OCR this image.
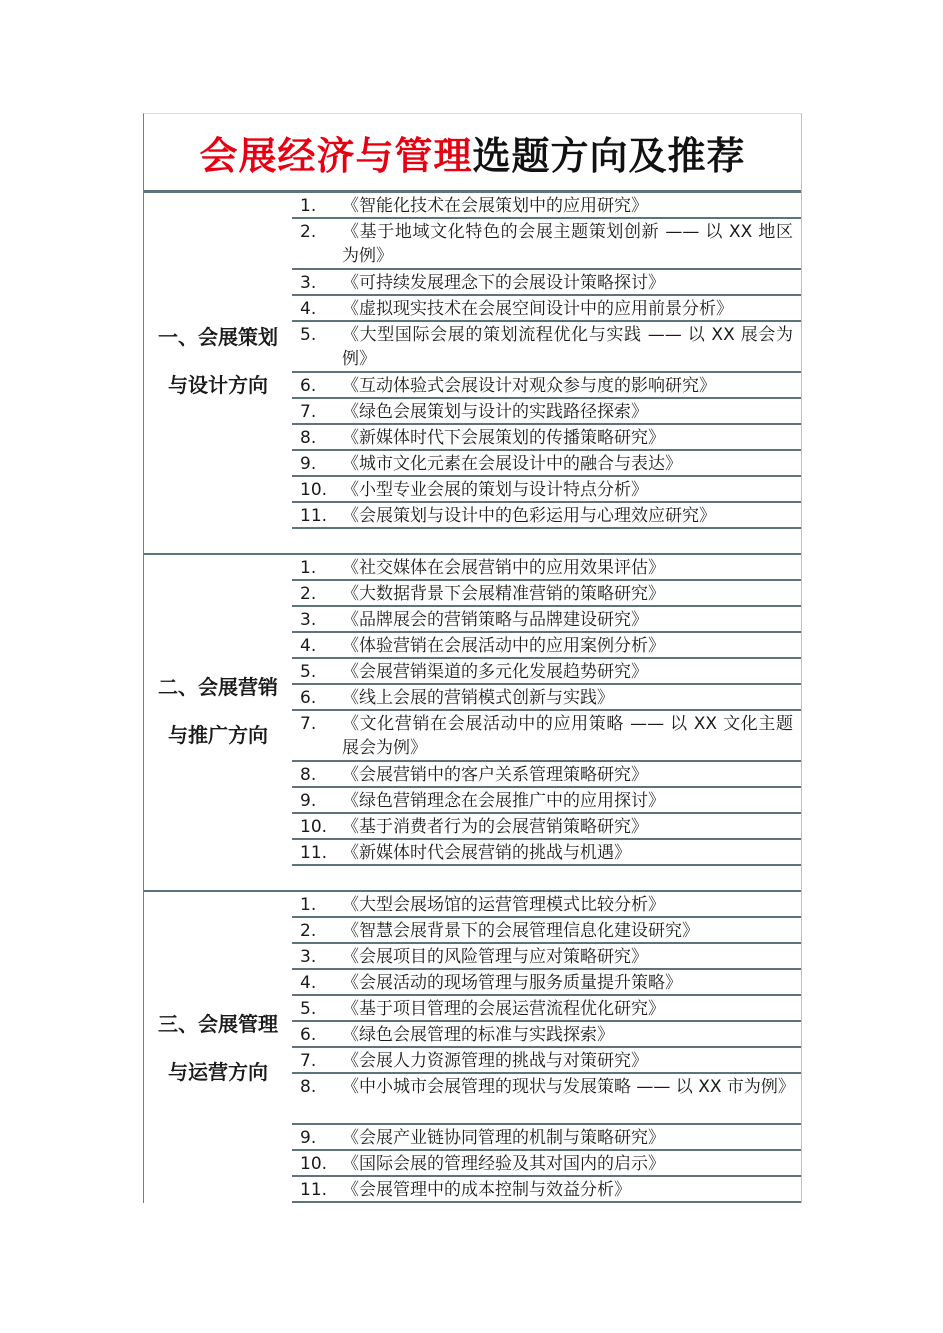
会展经济与管理 选题方向及推荐
一、会展策划
与设计方向
1.	《智能化技术在会展策划中的应用研究》
2.	《基于地域文化特色的会展主题策划创新 —— 以 XX 地区为例》
3.	《可持续发展理念下的会展设计策略探讨》
4.	《虚拟现实技术在会展空间设计中的应用前景分析》
5.	《大型国际会展的策划流程优化与实践 —— 以 XX 展会为例》
6.	《互动体验式会展设计对观众参与度的影响研究》
7.	《绿色会展策划与设计的实践路径探索》
8.	《新媒体时代下会展策划的传播策略研究》
9.	《城市文化元素在会展设计中的融合与表达》
10. 《小型专业会展的策划与设计特点分析》
11. 《会展策划与设计中的色彩运用与心理效应研究》
二、会展营销
与推广方向
1.	《社交媒体在会展营销中的应用效果评估》
2.	《大数据背景下会展精准营销的策略研究》
3.	《品牌展会的营销策略与品牌建设研究》
4.	《体验营销在会展活动中的应用案例分析》
5.	《会展营销渠道的多元化发展趋势研究》
6.	《线上会展的营销模式创新与实践》
7.	《文化营销在会展活动中的应用策略 —— 以 XX 文化主题展会为例》
8.	《会展营销中的客户关系管理策略研究》
9.	《绿色营销理念在会展推广中的应用探讨》
10. 《基于消费者行为的会展营销策略研究》
11. 《新媒体时代会展营销的挑战与机遇》
三、会展管理
与运营方向
1.	《大型会展场馆的运营管理模式比较分析》
2.	《智慧会展背景下的会展管理信息化建设研究》
3.	《会展项目的风险管理与应对策略研究》
4.	《会展活动的现场管理与服务质量提升策略》
5.	《基于项目管理的会展运营流程优化研究》
6.	《绿色会展管理的标准与实践探索》
7.	《会展人力资源管理的挑战与对策研究》
8.	《中小城市会展管理的现状与发展策略 —— 以 XX 市为例》
9.	《会展产业链协同管理的机制与策略研究》
10. 《国际会展的管理经验及其对国内的启示》
11. 《会展管理中的成本控制与效益分析》
